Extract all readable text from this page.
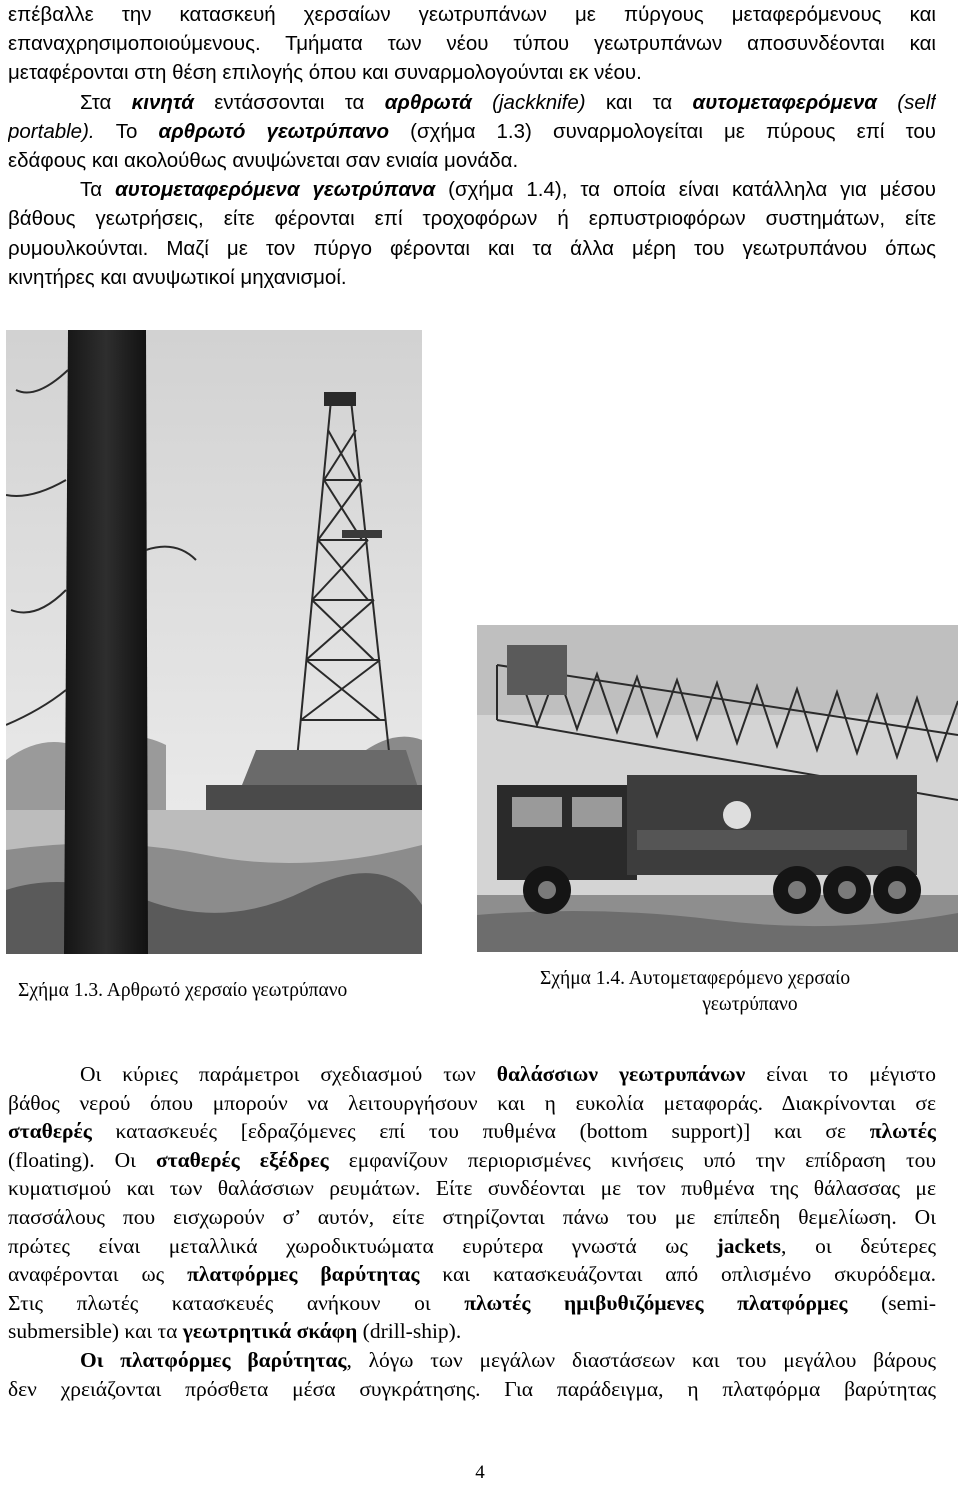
επέβαλλε την κατασκευή χερσαίων γεωτρυπάνων με πύργους μεταφερόμενους και
επαναχρησιμοποιούμενους. Τμήματα των νέου τύπου γεωτρυπάνων αποσυνδέονται και
μεταφέρονται στη θέση επιλογής όπου και συναρμολογούνται εκ νέου.
Στα κινητά εντάσσονται τα αρθρωτά (jackknife) και τα αυτομεταφερόμενα (self
portable). Το αρθρωτό γεωτρύπανο (σχήμα 1.3) συναρμολογείται με πύρους επί του
εδάφους και ακολούθως ανυψώνεται σαν ενιαία μονάδα.
Τα αυτομεταφερόμενα γεωτρύπανα (σχήμα 1.4), τα οποία είναι κατάλληλα για μέσου
βάθους γεωτρήσεις, είτε φέρονται επί τροχοφόρων ή ερπυστριοφόρων συστημάτων, είτε
ρυμουλκούνται. Μαζί με τον πύργο φέρονται και τα άλλα μέρη του γεωτρυπάνου όπως
κινητήρες και ανυψωτικοί μηχανισμοί.
Σχήμα 1.3. Αρθρωτό χερσαίο γεωτρύπανο
Σχήμα 1.4. Αυτομεταφερόμενο χερσαίο
γεωτρύπανο
Οι κύριες παράμετροι σχεδιασμού των θαλάσσιων γεωτρυπάνων είναι το μέγιστο
βάθος νερού όπου μπορούν να λειτουργήσουν και η ευκολία μεταφοράς. Διακρίνονται σε
σταθερές κατασκευές [εδραζόμενες επί του πυθμένα (bottom support)] και σε πλωτές
(floating). Οι σταθερές εξέδρες εμφανίζουν περιορισμένες κινήσεις υπό την επίδραση του
κυματισμού και των θαλάσσιων ρευμάτων. Είτε συνδέονται με τον πυθμένα της θάλασσας με
πασσάλους που εισχωρούν σ’ αυτόν, είτε στηρίζονται πάνω του με επίπεδη θεμελίωση. Οι
πρώτες είναι μεταλλικά χωροδικτυώματα ευρύτερα γνωστά ως jackets, οι δεύτερες
αναφέρονται ως πλατφόρμες βαρύτητας και κατασκευάζονται από οπλισμένο σκυρόδεμα.
Στις πλωτές κατασκευές ανήκουν οι πλωτές ημιβυθιζόμενες πλατφόρμες (semi-
submersible) και τα γεωτρητικά σκάφη (drill-ship).
Οι πλατφόρμες βαρύτητας, λόγω των μεγάλων διαστάσεων και του μεγάλου βάρους
δεν χρειάζονται πρόσθετα μέσα συγκράτησης. Για παράδειγμα, η πλατφόρμα βαρύτητας
4
